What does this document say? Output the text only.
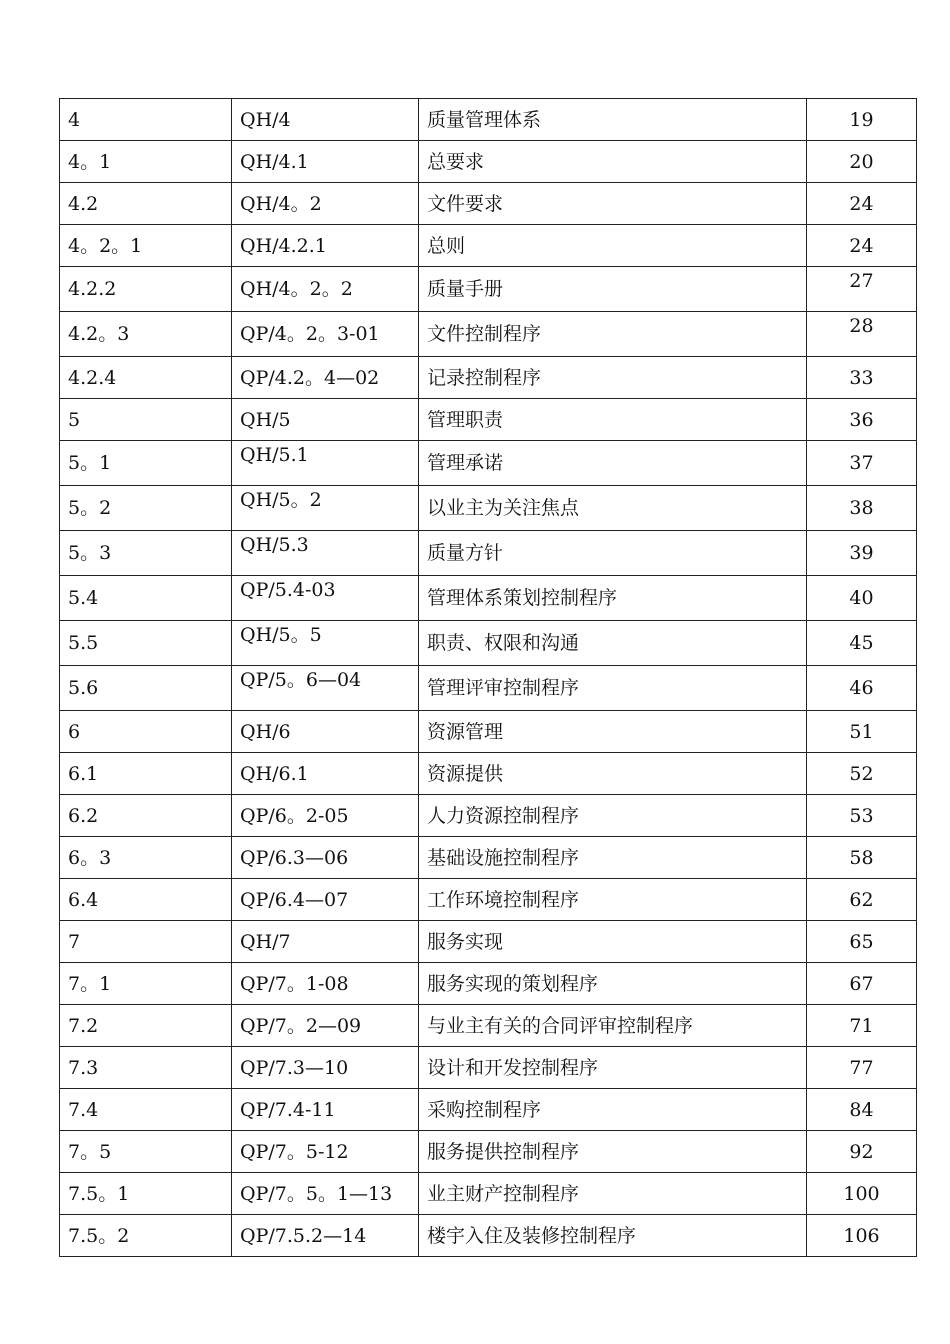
4	QH/4	质量管理体系	19
4。1	QH/4.1	总要求	20
4.2	QH/4。2	文件要求	24
4。2。1	QH/4.2.1	总则	24
4.2.2	QH/4。2。2	质量手册	27
4.2。3	QP/4。2。3-01	文件控制程序	28
4.2.4	QP/4.2。4—02	记录控制程序	33
5	QH/5	管理职责	36
5。1	QH/5.1	管理承诺	37
5。2	QH/5。2	以业主为关注焦点	38
5。3	QH/5.3	质量方针	39
5.4	QP/5.4-03	管理体系策划控制程序	40
5.5	QH/5。5	职责、权限和沟通	45
5.6	QP/5。6—04	管理评审控制程序	46
6	QH/6	资源管理	51
6.1	QH/6.1	资源提供	52
6.2	QP/6。2-05	人力资源控制程序	53
6。3	QP/6.3—06	基础设施控制程序	58
6.4	QP/6.4—07	工作环境控制程序	62
7	QH/7	服务实现	65
7。1	QP/7。1-08	服务实现的策划程序	67
7.2	QP/7。2—09	与业主有关的合同评审控制程序	71
7.3	QP/7.3—10	设计和开发控制程序	77
7.4	QP/7.4-11	采购控制程序	84
7。5	QP/7。5-12	服务提供控制程序	92
7.5。1	QP/7。5。1—13	业主财产控制程序	100
7.5。2	QP/7.5.2—14	楼宇入住及装修控制程序	106
